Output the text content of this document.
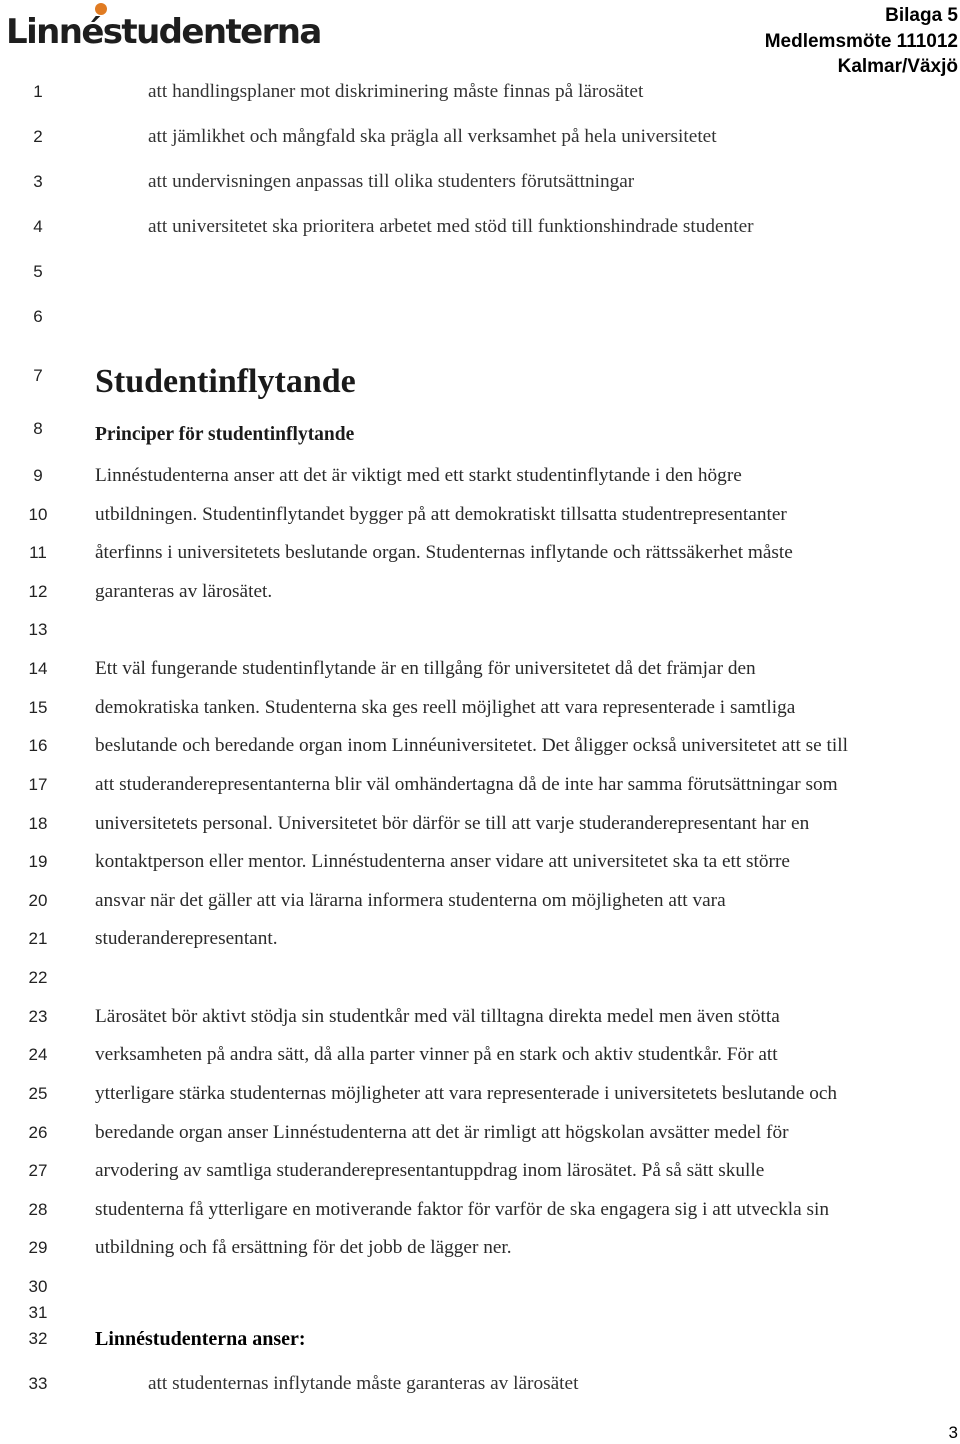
Linnéstudenterna	Bilaga 5
Medlemsmöte 111012
Kalmar/Växjö
1
2
3
4
5
6
7
8
9
10
11
12
13
14
15
16
17
18
19
20
21
22
23
24
25
26
27
28
29
30
31
32
33
att handlingsplaner mot diskriminering måste finnas på lärosätet
att jämlikhet och mångfald ska prägla all verksamhet på hela universitetet
att undervisningen anpassas till olika studenters förutsättningar
att universitetet ska prioritera arbetet med stöd till funktionshindrade studenter
Studentinflytande
Principer för studentinflytande
Linnéstudenterna anser att det är viktigt med ett starkt studentinflytande i den högre
utbildningen. Studentinflytandet bygger på att demokratiskt tillsatta studentrepresentanter
återfinns i universitetets beslutande organ. Studenternas inflytande och rättssäkerhet måste
garanteras av lärosätet.
Ett väl fungerande studentinflytande är en tillgång för universitetet då det främjar den
demokratiska tanken. Studenterna ska ges reell möjlighet att vara representerade i samtliga
beslutande och beredande organ inom Linnéuniversitetet. Det åligger också universitetet att se till
att studeranderepresentanterna blir väl omhändertagna då de inte har samma förutsättningar som
universitetets personal. Universitetet bör därför se till att varje studeranderepresentant har en
kontaktperson eller mentor. Linnéstudenterna anser vidare att universitetet ska ta ett större
ansvar när det gäller att via lärarna informera studenterna om möjligheten att vara
studeranderepresentant.
Lärosätet bör aktivt stödja sin studentkår med väl tilltagna direkta medel men även stötta
verksamheten på andra sätt, då alla parter vinner på en stark och aktiv studentkår. För att
ytterligare stärka studenternas möjligheter att vara representerade i universitetets beslutande och
beredande organ anser Linnéstudenterna att det är rimligt att högskolan avsätter medel för
arvodering av samtliga studeranderepresentantuppdrag inom lärosätet. På så sätt skulle
studenterna få ytterligare en motiverande faktor för varför de ska engagera sig i att utveckla sin
utbildning och få ersättning för det jobb de lägger ner.
Linnéstudenterna anser:
att studenternas inflytande måste garanteras av lärosätet
3
